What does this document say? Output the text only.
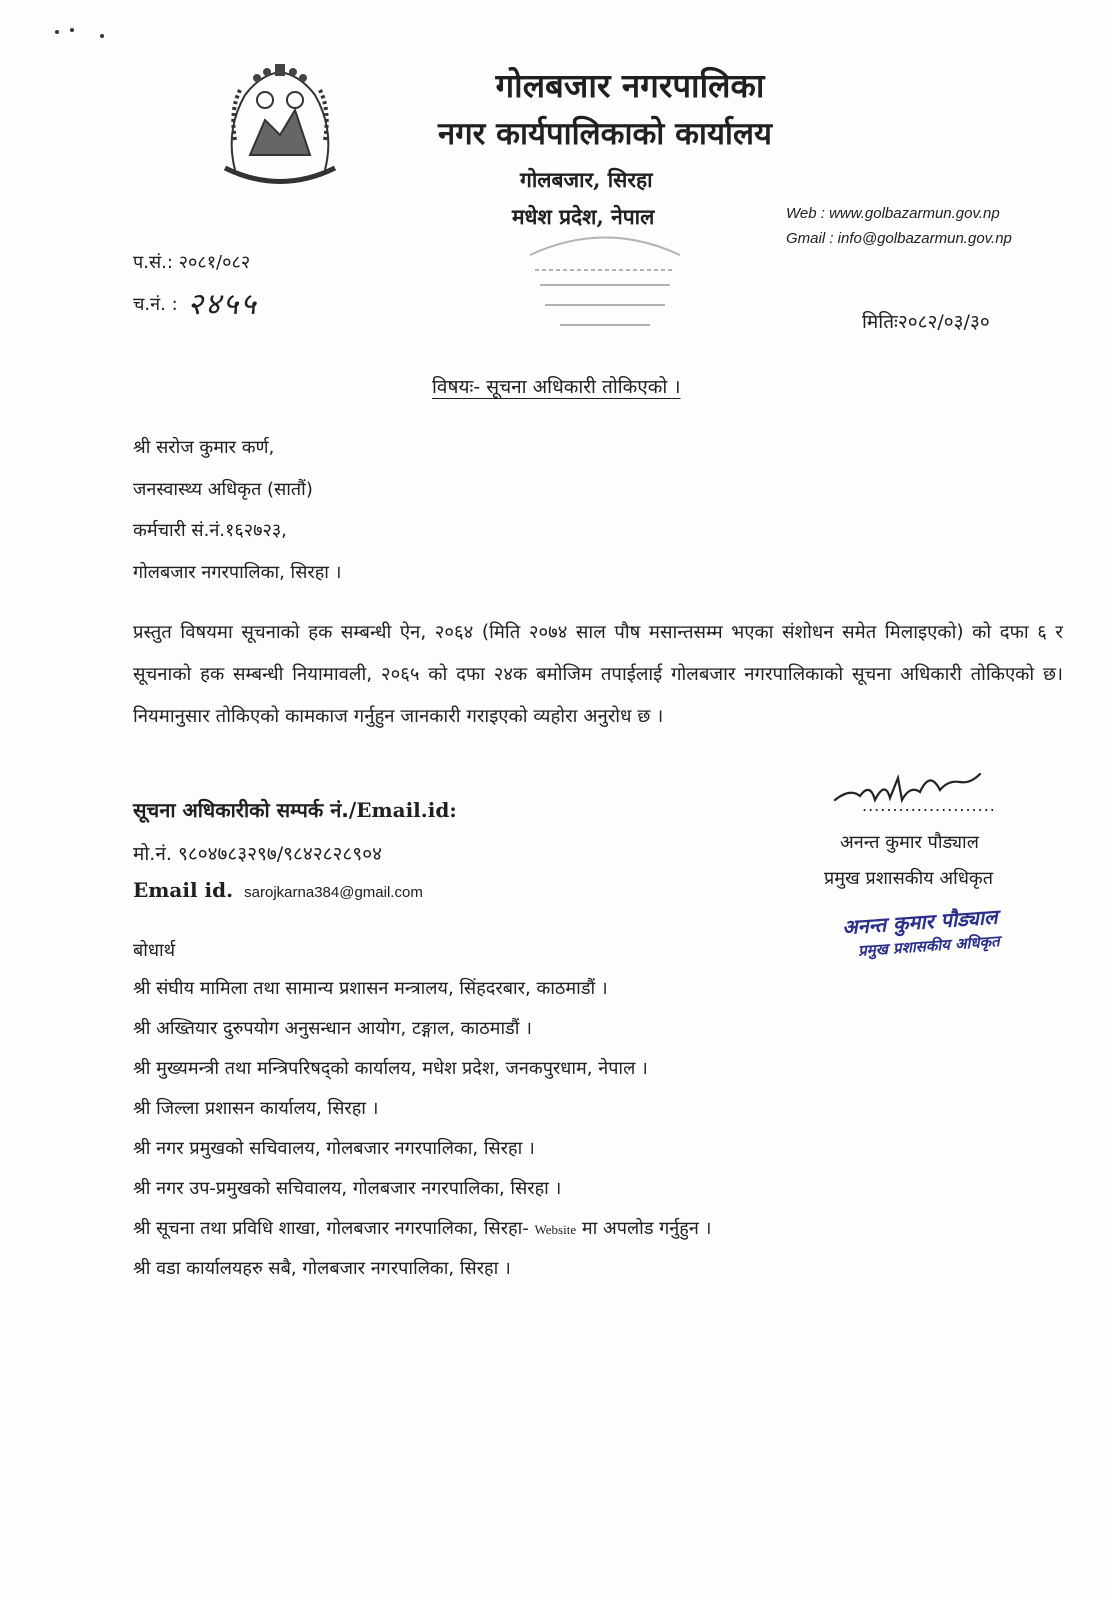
गोलबजार नगरपालिका
नगर कार्यपालिकाको कार्यालय
गोलबजार, सिरहा
मधेश प्रदेश, नेपाल	Web : www.golbazarmun.gov.np
Gmail : info@golbazarmun.gov.np
प.सं.: २०८१/०८२
च.नं. : २४५५	मितिः२०८२/०३/३०
विषयः- सूचना अधिकारी तोकिएको ।
श्री सरोज कुमार कर्ण,
जनस्वास्थ्य अधिकृत (सातौं)
कर्मचारी सं.नं.१६२७२३,
गोलबजार नगरपालिका, सिरहा ।
प्रस्तुत विषयमा सूचनाको हक सम्बन्धी ऐन, २०६४ (मिति २०७४ साल पौष मसान्तसम्म भएका संशोधन समेत मिलाइएको) को दफा ६ र सूचनाको हक सम्बन्धी नियामावली, २०६५ को दफा २४क बमोजिम तपाईलाई गोलबजार नगरपालिकाको सूचना अधिकारी तोकिएको छ। नियमानुसार तोकिएको कामकाज गर्नुहुन जानकारी गराइएको व्यहोरा अनुरोध छ ।
सूचना अधिकारीको सम्पर्क नं./Email.id:
मो.नं. ९८०४७८३२९७/९८४२८२८९०४
Email id. sarojkarna384@gmail.com
......................
अनन्त कुमार पौड्याल
प्रमुख प्रशासकीय अधिकृत
अनन्त कुमार पौड्याल
प्रमुख प्रशासकीय अधिकृत
बोधार्थ
श्री संघीय मामिला तथा सामान्य प्रशासन मन्त्रालय, सिंहदरबार, काठमाडौं ।
श्री अख्तियार दुरुपयोग अनुसन्धान आयोग, टङ्गाल, काठमाडौं ।
श्री मुख्यमन्त्री तथा मन्त्रिपरिषद्को कार्यालय, मधेश प्रदेश, जनकपुरधाम, नेपाल ।
श्री जिल्ला प्रशासन कार्यालय, सिरहा ।
श्री नगर प्रमुखको सचिवालय, गोलबजार नगरपालिका, सिरहा ।
श्री नगर उप-प्रमुखको सचिवालय, गोलबजार नगरपालिका, सिरहा ।
श्री सूचना तथा प्रविधि शाखा, गोलबजार नगरपालिका, सिरहा- Website मा अपलोड गर्नुहुन ।
श्री वडा कार्यालयहरु सबै, गोलबजार नगरपालिका, सिरहा ।
